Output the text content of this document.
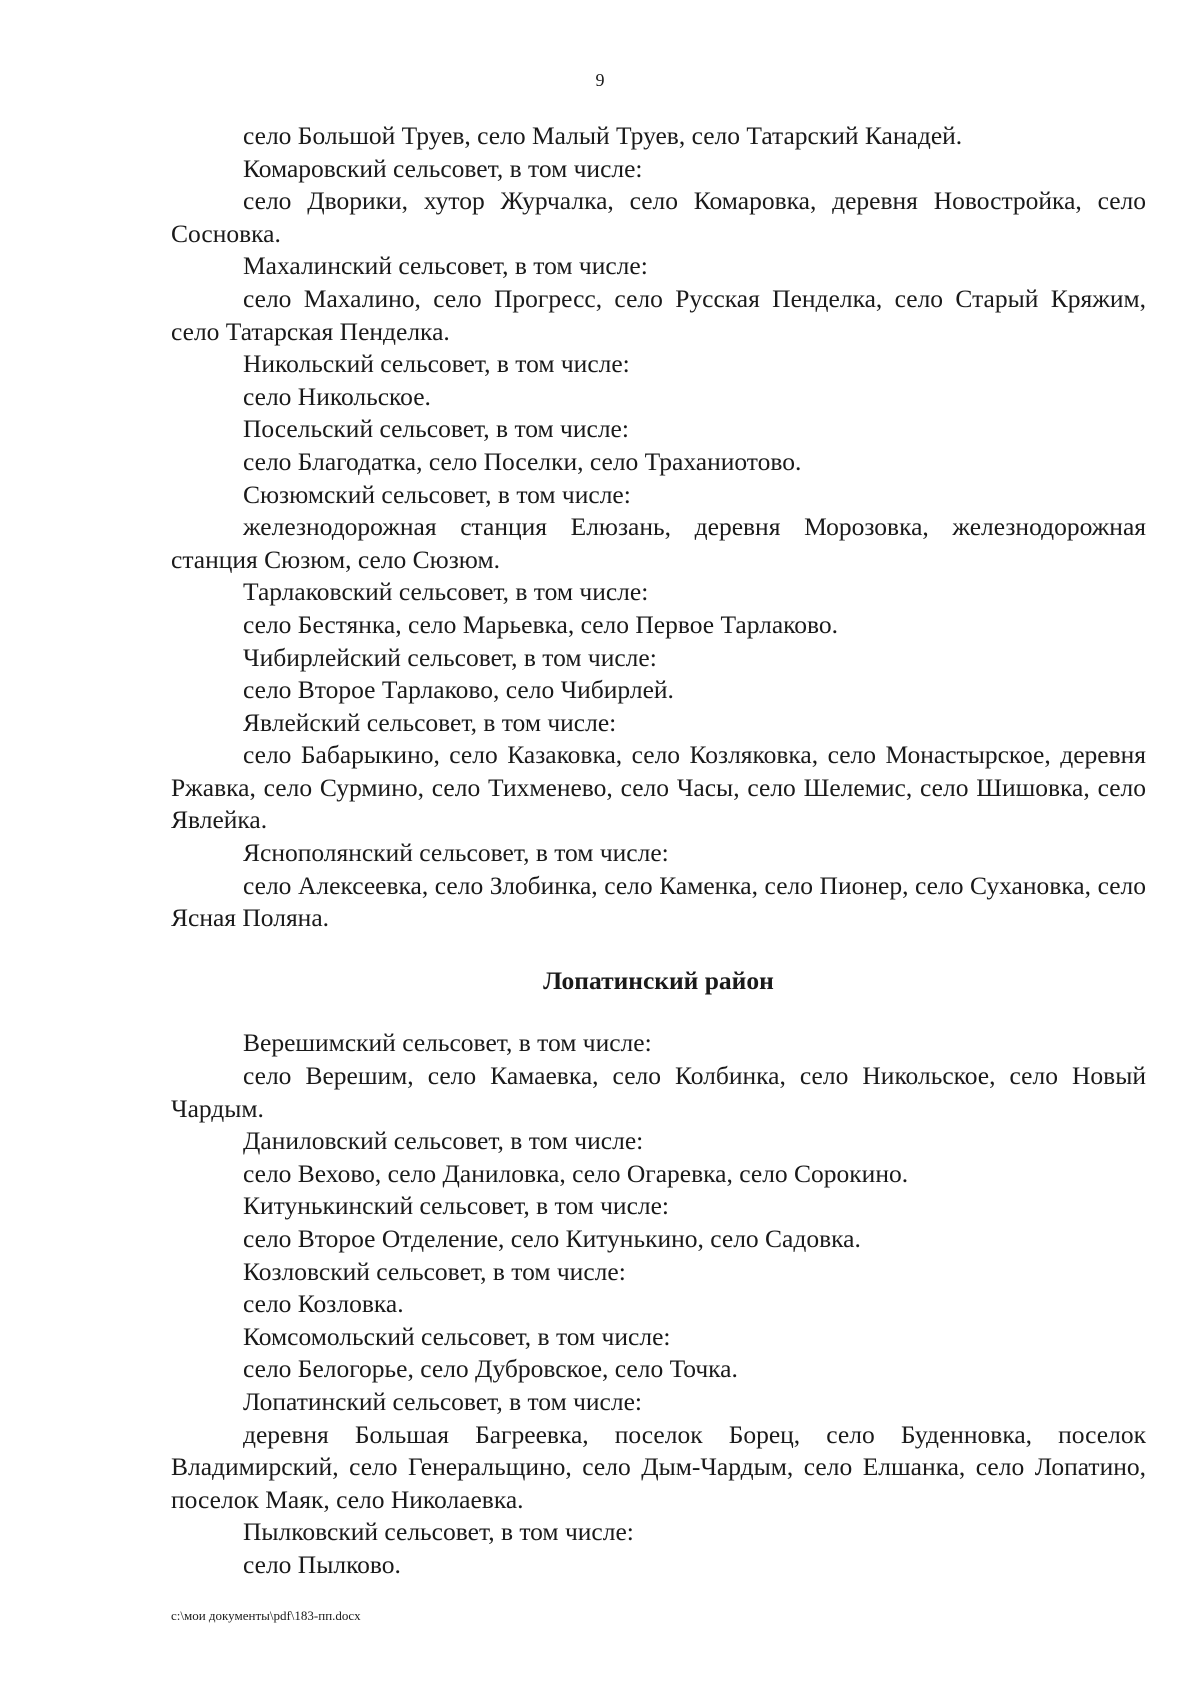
9

село Большой Труев, село Малый Труев, село Татарский Канадей.

Комаровский сельсовет, в том числе:

село Дворики, хутор Журчалка, село Комаровка, деревня Новостройка, село Сосновка.

Махалинский сельсовет, в том числе:

село Махалино, село Прогресс, село Русская Пенделка, село Старый Кряжим, село Татарская Пенделка.

Никольский сельсовет, в том числе:

село Никольское.

Посельский сельсовет, в том числе:

село Благодатка, село Поселки, село Траханиотово.

Сюзюмский сельсовет, в том числе:

железнодорожная станция Елюзань, деревня Морозовка, железнодорожная станция Сюзюм, село Сюзюм.

Тарлаковский сельсовет, в том числе:

село Бестянка, село Марьевка, село Первое Тарлаково.

Чибирлейский сельсовет, в том числе:

село Второе Тарлаково, село Чибирлей.

Явлейский сельсовет, в том числе:

село Бабарыкино, село Казаковка, село Козляковка, село Монастырское, деревня Ржавка, село Сурмино, село Тихменево, село Часы, село Шелемис, село Шишовка, село Явлейка.

Яснополянский сельсовет, в том числе:

село Алексеевка, село Злобинка, село Каменка, село Пионер, село Сухановка, село Ясная Поляна.

Лопатинский район

Верешимский сельсовет, в том числе:

село Верешим, село Камаевка, село Колбинка, село Никольское, село Новый Чардым.

Даниловский сельсовет, в том числе:

село Вехово, село Даниловка, село Огаревка, село Сорокино.

Китунькинский сельсовет, в том числе:

село Второе Отделение, село Китунькино, село Садовка.

Козловский сельсовет, в том числе:

село Козловка.

Комсомольский сельсовет, в том числе:

село Белогорье, село Дубровское, село Точка.

Лопатинский сельсовет, в том числе:

деревня Большая Багреевка, поселок Борец, село Буденновка, поселок Владимирский, село Генеральщино, село Дым-Чардым, село Елшанка, село Лопатино, поселок Маяк, село Николаевка.

Пылковский сельсовет, в том числе:

село Пылково.

c:\мои документы\pdf\183-пп.docx
